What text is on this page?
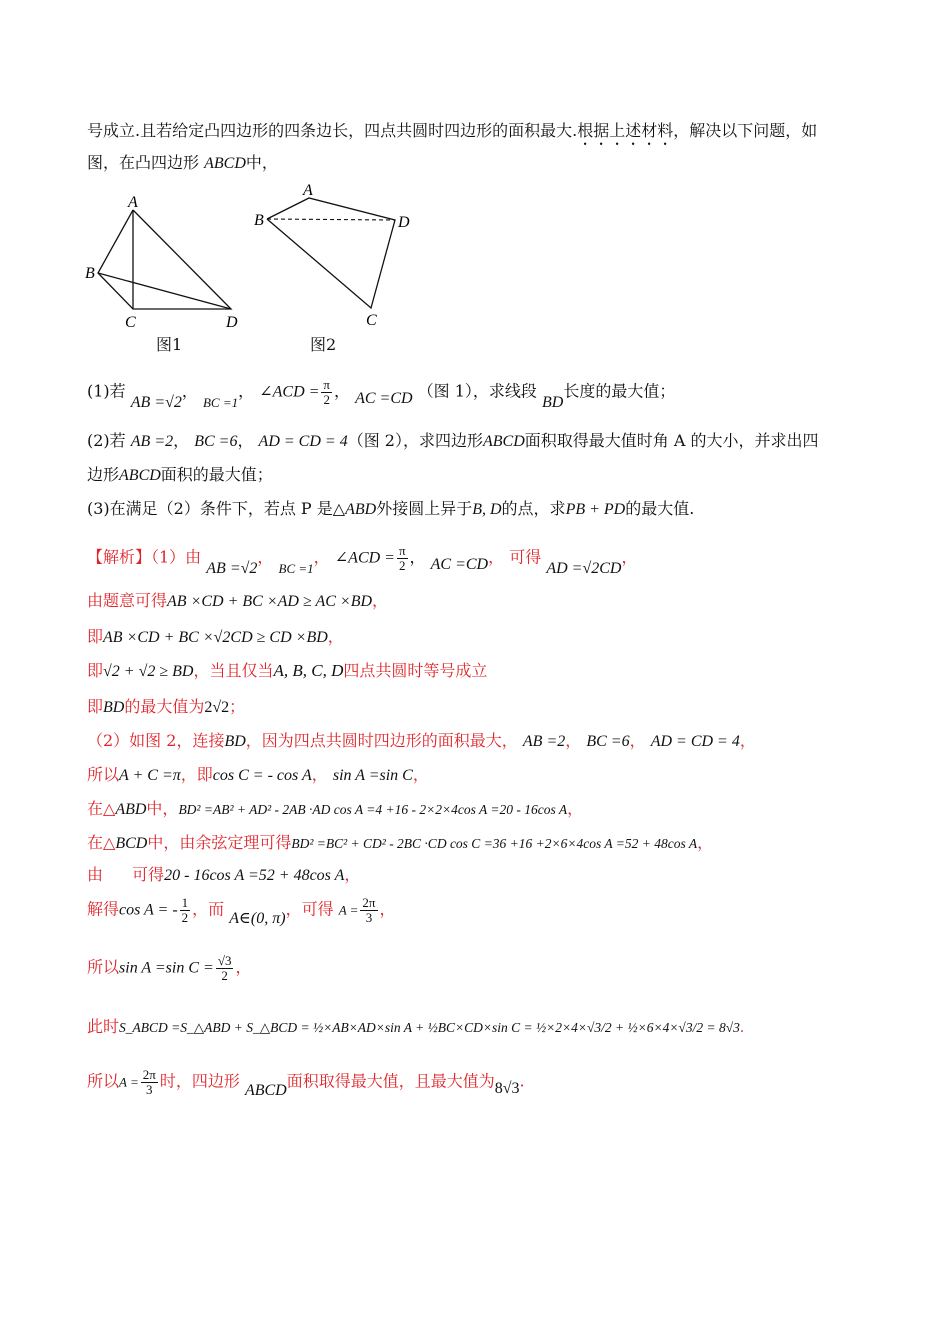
号成立.且若给定凸四边形的四条边长，四点共圆时四边形的面积最大.根据上述材料，解决以下问题，如
图，在凸四边形 ABCD中，
A
B
C	D
图1
A
B
C
D
图2
(1)若 AB =√2， $_{BC =1}$， ∠ACD = $\frac{\pi}{2}$ ， AC =CD （图 1），求线段 BD长度的最大值；
(2)若 AB =2， BC =6， AD = CD = 4（图 2），求四边形ABCD面积取得最大值时角 A 的大小，并求出四
边形ABCD面积的最大值；
(3)在满足（2）条件下，若点 P 是△ABD外接圆上异于B, D的点，求PB + PD的最大值.
【解析】（1）由 AB =√2， $_{BC =1}$， ∠ACD = $\frac{\pi}{2}$ ， AC =CD， 可得 AD =√2CD，
由题意可得AB ×CD + BC ×AD ≥ AC ×BD，
即AB ×CD + BC ×√2CD ≥ CD ×BD，
即√2 + √2 ≥ BD，当且仅当A, B, C, D四点共圆时等号成立
即BD的最大值为2√2；
（2）如图 2，连接BD，因为四点共圆时四边形的面积最大， AB =2， BC =6， AD = CD = 4，
所以A + C =π，即cos C = - cos A， sin A =sin C，
在△ABD中，BD² =AB² + AD² - 2AB ·AD cos A =4 +16 - 2×2×4cos A =20 - 16cos A，
在△BCD中，由余弦定理可得BD² =BC² + CD² - 2BC ·CD cos C =36 +16 +2×6×4cos A =52 + 48cos A，
由 可得20 - 16cos A =52 + 48cos A，
解得cos A = - $\frac{1}{2}$ ，而 A∈(0, π)，可得 $A = \frac{2\pi}{3}$ ，
所以sin A =sin $C = \frac{√3}{2}$ ，
此时S_ABCD =S_△ABD + S_△BCD = ½×AB×AD×sin A + ½BC×CD×sin C = ½×2×4×√3/2 + ½×6×4×√3/2 = 8√3.
所以$A = \frac{2\pi}{3}$ 时，四边形 ABCD面积取得最大值，且最大值为8√3.
